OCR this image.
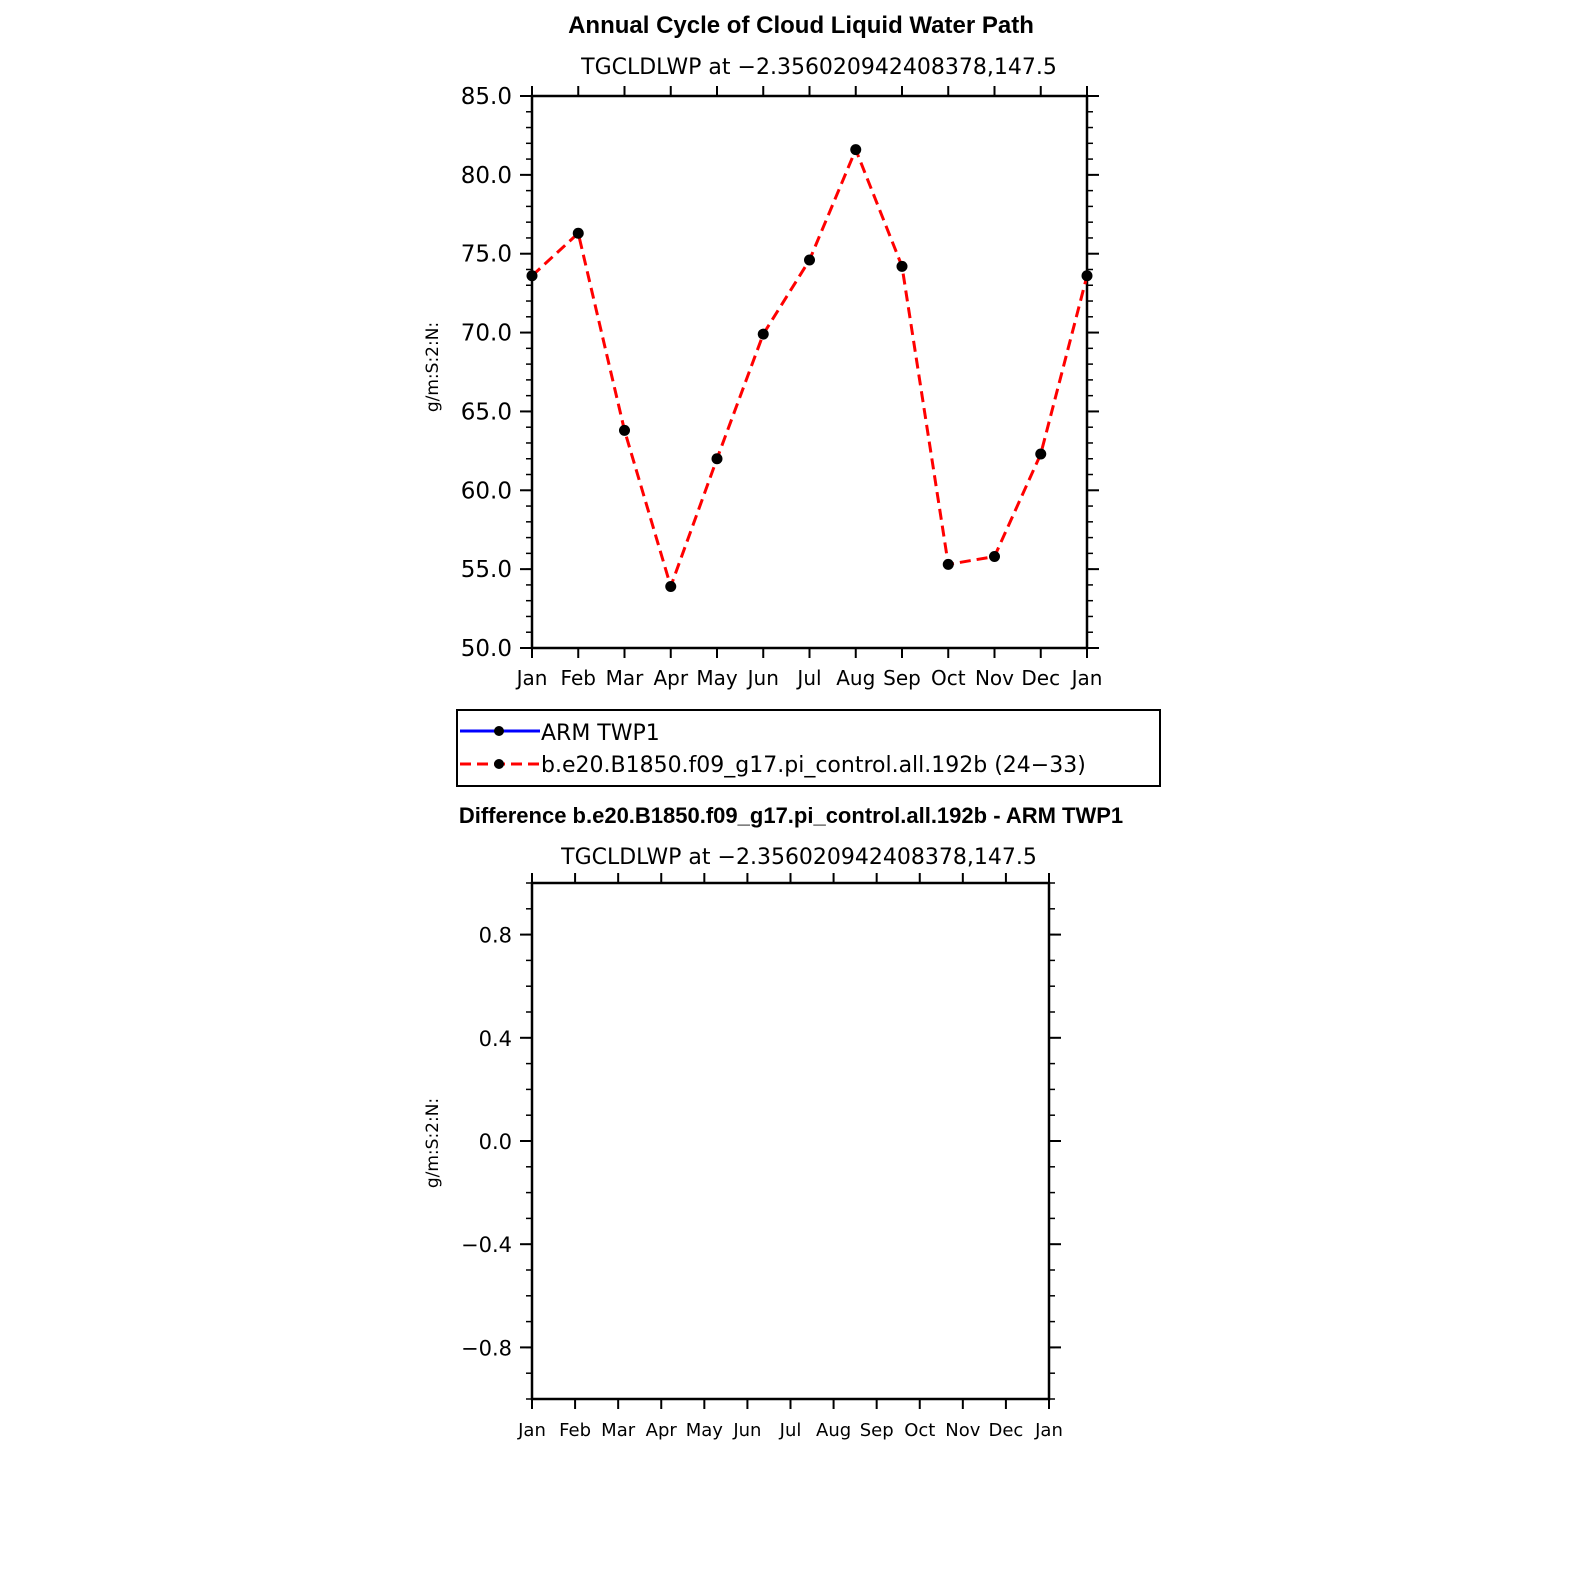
Annual Cycle of Cloud Liquid Water Path
TGCLDLWP at −2.356020942408378,147.5
g/m:S:2:N:
Jan Feb Mar Apr May Jun Jul Aug Sep Oct Nov Dec Jan
50.0
55.0
60.0
65.0
70.0
75.0
80.0
85.0
ARM TWP1
b.e20.B1850.f09_g17.pi_control.all.192b (24−33)
Difference b.e20.B1850.f09_g17.pi_control.all.192b - ARM TWP1
TGCLDLWP at −2.356020942408378,147.5
g/m:S:2:N:
Jan Feb Mar Apr May Jun Jul Aug Sep Oct Nov Dec Jan
−0.8
−0.4
0.0
0.4
0.8
